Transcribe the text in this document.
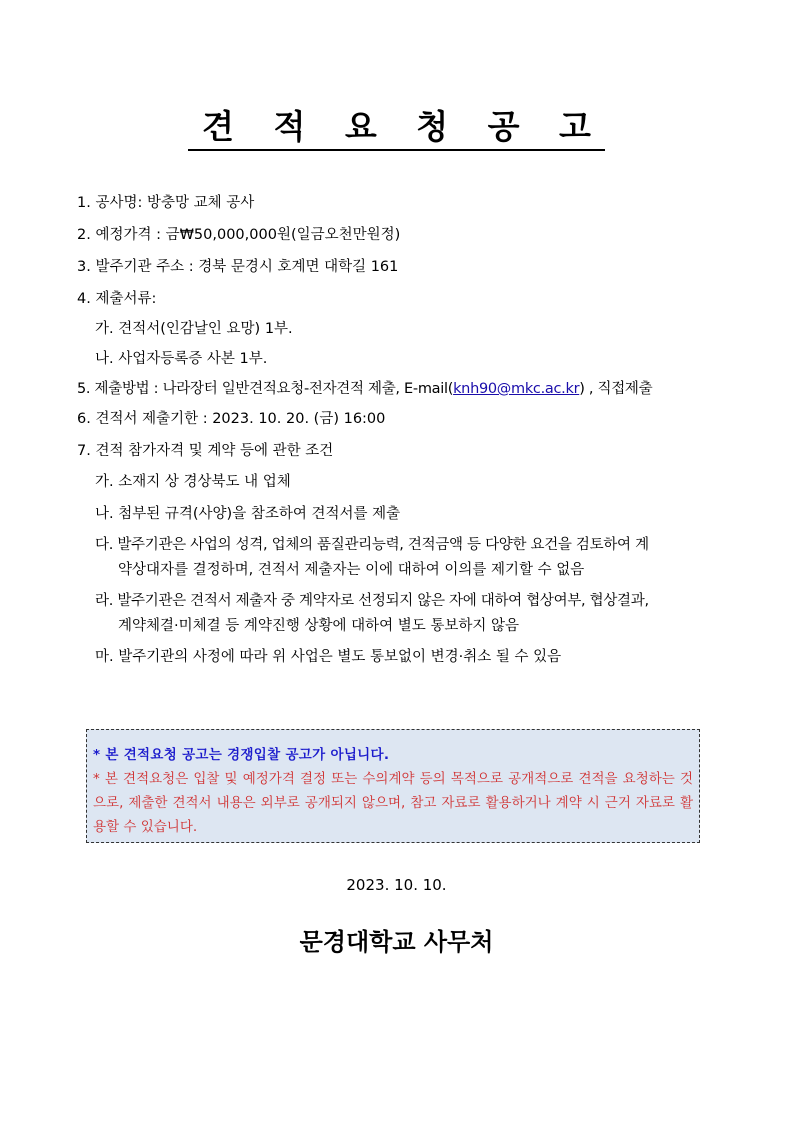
견 적 요 청 공 고
1. 공사명: 방충망 교체 공사
2. 예정가격 : 금₩50,000,000원(일금오천만원정)
3. 발주기관 주소 : 경북 문경시 호계면 대학길 161
4. 제출서류:
가. 견적서(인감날인 요망) 1부.
나. 사업자등록증 사본 1부.
5. 제출방법 : 나라장터 일반견적요청-전자견적 제출, E-mail(knh90@mkc.ac.kr) , 직접제출
6. 견적서 제출기한 : 2023. 10. 20. (금) 16:00
7. 견적 참가자격 및 계약 등에 관한 조건
가. 소재지 상 경상북도 내 업체
나. 첨부된 규격(사양)을 참조하여 견적서를 제출
다. 발주기관은 사업의 성격, 업체의 품질관리능력, 견적금액 등 다양한 요건을 검토하여 계
약상대자를 결정하며, 견적서 제출자는 이에 대하여 이의를 제기할 수 없음
라. 발주기관은 견적서 제출자 중 계약자로 선정되지 않은 자에 대하여 협상여부, 협상결과,
계약체결·미체결 등 계약진행 상황에 대하여 별도 통보하지 않음
마. 발주기관의 사정에 따라 위 사업은 별도 통보없이 변경·취소 될 수 있음
* 본 견적요청 공고는 경쟁입찰 공고가 아닙니다.
* 본 견적요청은 입찰 및 예정가격 결정 또는 수의계약 등의 목적으로 공개적으로 견적을 요청하는 것으로, 제출한 견적서 내용은 외부로 공개되지 않으며, 참고 자료로 활용하거나 계약 시 근거 자료로 활용할 수 있습니다.
2023. 10. 10.
문경대학교 사무처
